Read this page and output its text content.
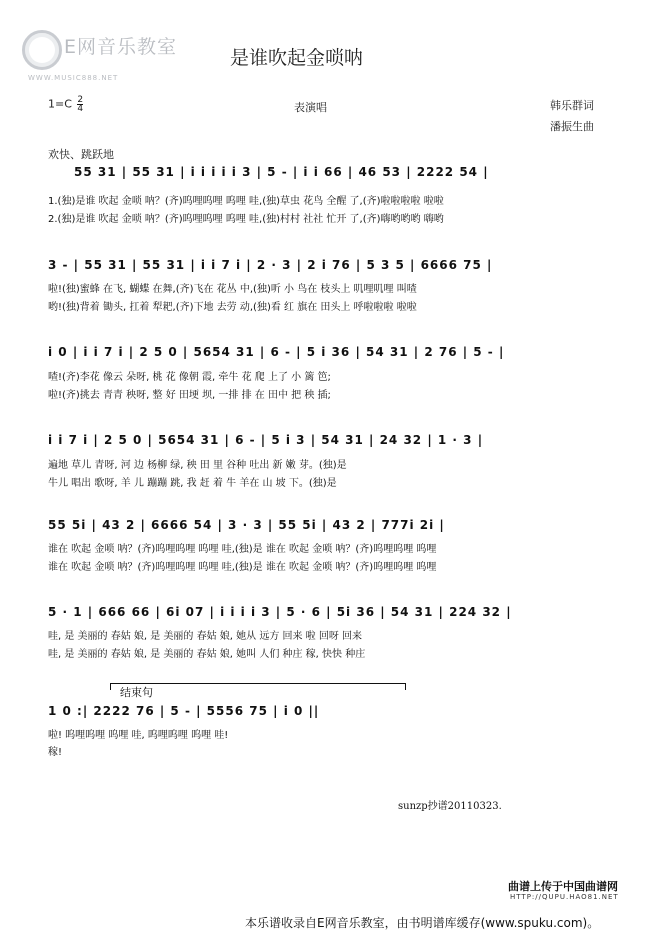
E网音乐教室
WWW.MUSIC888.NET
是谁吹起金唢呐
$1=C \frac{2}{4}$	表演唱	韩乐群词
潘振生曲
欢快、跳跃地
55 31 | 55 31 | i i i i i 3 | 5 - | i i 66 | 46 53 | 2222 54 |
1.(独)是谁 吹起 金唢 呐？(齐)呜哩呜哩 呜哩 哇,(独)草虫 花鸟 全醒 了,(齐)啦啦啦啦 啦啦
2.(独)是谁 吹起 金唢 呐？(齐)呜哩呜哩 呜哩 哇,(独)村村 社社 忙开 了,(齐)嗨哟哟哟 嗨哟
3 - | 55 31 | 55 31 | i i 7 i | 2 · 3 | 2 i 76 | 5 3 5 | 6666 75 |
啦!(独)蜜蜂 在飞, 蝴蝶 在舞,(齐)飞在 花丛 中,(独)听 小 鸟在 枝头上 叽哩叽哩 叫喳
哟!(独)背着 锄头, 扛着 犁耙,(齐)下地 去劳 动,(独)看 红 旗在 田头上 呼啦啦啦 啦啦
i 0 | i i 7 i | 2 5 0 | 5654 31 | 6 - | 5 i 36 | 54 31 | 2 76 | 5 - |
喳!(齐)李花 像云 朵呀, 桃 花 像朝 霞, 牵牛 花 爬 上了 小 篱 笆;
啦!(齐)挑去 青青 秧呀, 整 好 田埂 坝, 一排 排 在 田中 把 秧 插;
i i 7 i | 2 5 0 | 5654 31 | 6 - | 5 i 3 | 54 31 | 24 32 | 1 · 3 |
遍地 草儿 青呀, 河 边 杨柳 绿, 秧 田 里 谷种 吐出 新 嫩 芽。(独)是
牛儿 唱出 歌呀, 羊 儿 蹦蹦 跳, 我 赶 着 牛 羊在 山 坡 下。(独)是
55 5i | 43 2 | 6666 54 | 3 · 3 | 55 5i | 43 2 | 777i 2i |
谁在 吹起 金唢 呐？(齐)呜哩呜哩 呜哩 哇,(独)是 谁在 吹起 金唢 呐？(齐)呜哩呜哩 呜哩
谁在 吹起 金唢 呐？(齐)呜哩呜哩 呜哩 哇,(独)是 谁在 吹起 金唢 呐？(齐)呜哩呜哩 呜哩
5 · 1 | 666 66 | 6i 07 | i i i i 3 | 5 · 6 | 5i 36 | 54 31 | 224 32 |
哇, 是 美丽的 春姑 娘, 是 美丽的 春姑 娘, 她从 远方 回来 啦 回呀 回来
哇, 是 美丽的 春姑 娘, 是 美丽的 春姑 娘, 她叫 人们 种庄 稼, 快快 种庄
结束句
1 0 :| 2222 76 | 5 - | 5556 75 | i 0 ||
啦! 呜哩呜哩 呜哩 哇, 呜哩呜哩 呜哩 哇!
稼!
sunzp抄谱20110323.
曲谱上传于中国曲谱网
HTTP://QUPU.HAO81.NET
本乐谱收录自E网音乐教室，由书明谱库缓存(www.spuku.com)。
